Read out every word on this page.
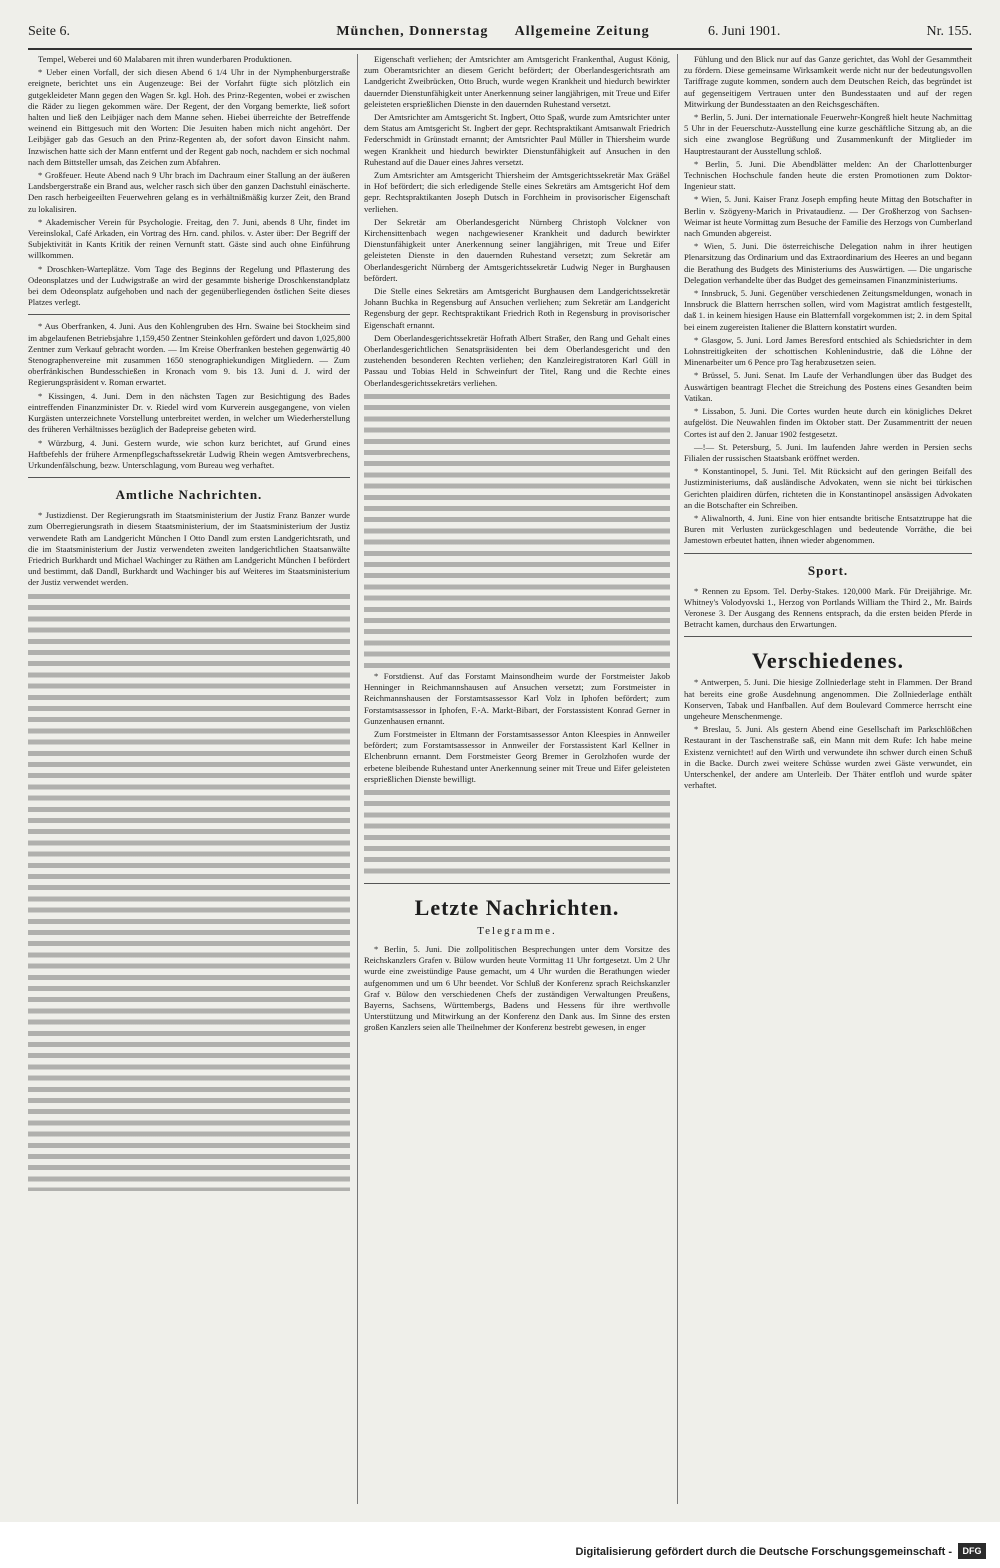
Seite 6.	München, Donnerstag Allgemeine Zeitung	6. Juni 1901.	Nr. 155.

Tempel, Weberei und 60 Malabaren mit ihren wunderbaren Produktionen.

* Ueber einen Vorfall, der sich diesen Abend 6 1/4 Uhr in der Nymphenburgerstraße ereignete, berichtet uns ein Augenzeuge: Bei der Vorfahrt fügte sich plötzlich ein gutgekleideter Mann gegen den Wagen Sr. kgl. Hoh. des Prinz-Regenten, wobei er zwischen die Räder zu liegen gekommen wäre. Der Regent, der den Vorgang bemerkte, ließ sofort halten und ließ den Leibjäger nach dem Manne sehen. Hiebei überreichte der Betreffende weinend ein Bittgesuch mit den Worten: Die Jesuiten haben mich nicht angehört. Der Leibjäger gab das Gesuch an den Prinz-Regenten ab, der sofort davon Einsicht nahm. Inzwischen hatte sich der Mann entfernt und der Regent gab noch, nachdem er sich nochmal nach dem Bittsteller umsah, das Zeichen zum Abfahren.

* Großfeuer. Heute Abend nach 9 Uhr brach im Dachraum einer Stallung an der äußeren Landsbergerstraße ein Brand aus, welcher rasch sich über den ganzen Dachstuhl einäscherte. Den rasch herbeigeeilten Feuerwehren gelang es in verhältnißmäßig kurzer Zeit, den Brand zu lokalisiren.

* Akademischer Verein für Psychologie. Freitag, den 7. Juni, abends 8 Uhr, findet im Vereinslokal, Café Arkaden, ein Vortrag des Hrn. cand. philos. v. Aster über: Der Begriff der Subjektivität in Kants Kritik der reinen Vernunft statt. Gäste sind auch ohne Einführung willkommen.

* Droschken-Warteplätze. Vom Tage des Beginns der Regelung und Pflasterung des Odeonsplatzes und der Ludwigstraße an wird der gesammte bisherige Droschkenstandplatz bei dem Odeonsplatz aufgehoben und nach der gegenüberliegenden östlichen Seite dieses Platzes verlegt.

* Aus Oberfranken, 4. Juni. Aus den Kohlengruben des Hrn. Swaine bei Stockheim sind im abgelaufenen Betriebsjahre 1,159,450 Zentner Steinkohlen gefördert und davon 1,025,800 Zentner zum Verkauf gebracht worden. — Im Kreise Oberfranken bestehen gegenwärtig 40 Stenographenvereine mit zusammen 1650 stenographiekundigen Mitgliedern. — Zum oberfränkischen Bundesschießen in Kronach vom 9. bis 13. Juni d. J. wird der Regierungspräsident v. Roman erwartet.

* Kissingen, 4. Juni. Dem in den nächsten Tagen zur Besichtigung des Bades eintreffenden Finanzminister Dr. v. Riedel wird vom Kurverein ausgegangene, von vielen Kurgästen unterzeichnete Vorstellung unterbreitet werden, in welcher um Wiederherstellung des früheren Verhältnisses bezüglich der Badepreise gebeten wird.

* Würzburg, 4. Juni. Gestern wurde, wie schon kurz berichtet, auf Grund eines Haftbefehls der frühere Armenpflegschaftssekretär Ludwig Rhein wegen Amtsverbrechens, Urkundenfälschung, bezw. Unterschlagung, vom Bureau weg verhaftet.

Amtliche Nachrichten.

* Justizdienst. Der Regierungsrath im Staatsministerium der Justiz Franz Banzer wurde zum Oberregierungsrath in diesem Staatsministerium, der im Staatsministerium der Justiz verwendete Rath am Landgericht München I Otto Dandl zum ersten Landgerichtsrath, und die im Staatsministerium der Justiz verwendeten zweiten landgerichtlichen Staatsanwälte Friedrich Burkhardt und Michael Wachinger zu Räthen am Landgericht München I befördert und bestimmt, daß Dandl, Burkhardt und Wachinger bis auf Weiteres im Staatsministerium der Justiz verwendet werden.

Eigenschaft verliehen; der Amtsrichter am Amtsgericht Frankenthal, August König, zum Oberamtsrichter an diesem Gericht befördert; der Oberlandesgerichtsrath am Landgericht Zweibrücken, Otto Bruch, wurde wegen Krankheit und hiedurch bewirkter dauernder Dienstunfähigkeit unter Anerkennung seiner langjährigen, mit Treue und Eifer geleisteten ersprießlichen Dienste in den dauernden Ruhestand versetzt.

Der Amtsrichter am Amtsgericht St. Ingbert, Otto Spaß, wurde zum Amtsrichter unter dem Status am Amtsgericht St. Ingbert der gepr. Rechtspraktikant Amtsanwalt Friedrich Federschmidt in Grünstadt ernannt; der Amtsrichter Paul Müller in Thiersheim wurde wegen Krankheit und hiedurch bewirkter Dienstunfähigkeit auf Ansuchen in den Ruhestand auf die Dauer eines Jahres versetzt.

Zum Amtsrichter am Amtsgericht Thiersheim der Amtsgerichtssekretär Max Gräßel in Hof befördert; die sich erledigende Stelle eines Sekretärs am Amtsgericht Hof dem gepr. Rechtspraktikanten Joseph Dutsch in Forchheim in provisorischer Eigenschaft verliehen.

Der Sekretär am Oberlandesgericht Nürnberg Christoph Volckner von Kirchensittenbach wegen nachgewiesener Krankheit und dadurch bewirkter Dienstunfähigkeit unter Anerkennung seiner langjährigen, mit Treue und Eifer geleisteten Dienste in den dauernden Ruhestand versetzt; zum Sekretär am Oberlandesgericht Nürnberg der Amtsgerichtssekretär Ludwig Neger in Burghausen befördert.

Die Stelle eines Sekretärs am Amtsgericht Burghausen dem Landgerichtssekretär Johann Buchka in Regensburg auf Ansuchen verliehen; zum Sekretär am Landgericht Regensburg der gepr. Rechtspraktikant Friedrich Roth in Regensburg in provisorischer Eigenschaft ernannt.

Dem Oberlandesgerichtssekretär Hofrath Albert Straßer, den Rang und Gehalt eines Oberlandesgerichtlichen Senatspräsidenten bei dem Oberlandesgericht und den zustehenden besonderen Rechten verliehen; den Kanzleiregistratoren Karl Güll in Passau und Tobias Held in Schweinfurt der Titel, Rang und die Rechte eines Oberlandesgerichtssekretärs verliehen.

* Forstdienst. Auf das Forstamt Mainsondheim wurde der Forstmeister Jakob Henninger in Reichmannshausen auf Ansuchen versetzt; zum Forstmeister in Reichmannshausen der Forstamtsassessor Karl Volz in Iphofen befördert; zum Forstamtsassessor in Iphofen, F.-A. Markt-Bibart, der Forstassistent Konrad Gerner in Gunzenhausen ernannt.

Zum Forstmeister in Eltmann der Forstamtsassessor Anton Kleespies in Annweiler befördert; zum Forstamtsassessor in Annweiler der Forstassistent Karl Kellner in Elchenbrunn ernannt. Dem Forstmeister Georg Bremer in Gerolzhofen wurde der erbetene bleibende Ruhestand unter Anerkennung seiner mit Treue und Eifer geleisteten ersprießlichen Dienste bewilligt.

Letzte Nachrichten.
Telegramme.

* Berlin, 5. Juni. Die zollpolitischen Besprechungen unter dem Vorsitze des Reichskanzlers Grafen v. Bülow wurden heute Vormittag 11 Uhr fortgesetzt. Um 2 Uhr wurde eine zweistündige Pause gemacht, um 4 Uhr wurden die Berathungen wieder aufgenommen und um 6 Uhr beendet. Vor Schluß der Konferenz sprach Reichskanzler Graf v. Bülow den verschiedenen Chefs der zuständigen Verwaltungen Preußens, Bayerns, Sachsens, Württembergs, Badens und Hessens für ihre werthvolle Unterstützung und Mitwirkung an der Konferenz den Dank aus. Im Sinne des ersten großen Kanzlers seien alle Theilnehmer der Konferenz bestrebt gewesen, in enger

Fühlung und den Blick nur auf das Ganze gerichtet, das Wohl der Gesammtheit zu fördern. Diese gemeinsame Wirksamkeit werde nicht nur der bedeutungsvollen Tariffrage zugute kommen, sondern auch dem Deutschen Reich, das begründet ist auf gegenseitigem Vertrauen unter den Bundesstaaten und auf der regen Mitwirkung der Bundesstaaten an den Reichsgeschäften.

* Berlin, 5. Juni. Der internationale Feuerwehr-Kongreß hielt heute Nachmittag 5 Uhr in der Feuerschutz-Ausstellung eine kurze geschäftliche Sitzung ab, an die sich eine zwanglose Begrüßung und Zusammenkunft der Mitglieder im Hauptrestaurant der Ausstellung schloß.

* Berlin, 5. Juni. Die Abendblätter melden: An der Charlottenburger Technischen Hochschule fanden heute die ersten Promotionen zum Doktor-Ingenieur statt.

* Wien, 5. Juni. Kaiser Franz Joseph empfing heute Mittag den Botschafter in Berlin v. Szögyeny-Marich in Privataudienz. — Der Großherzog von Sachsen-Weimar ist heute Vormittag zum Besuche der Familie des Herzogs von Cumberland nach Gmunden abgereist.

* Wien, 5. Juni. Die österreichische Delegation nahm in ihrer heutigen Plenarsitzung das Ordinarium und das Extraordinarium des Heeres an und begann die Berathung des Budgets des Ministeriums des Auswärtigen. — Die ungarische Delegation verhandelte über das Budget des gemeinsamen Finanzministeriums.

* Innsbruck, 5. Juni. Gegenüber verschiedenen Zeitungsmeldungen, wonach in Innsbruck die Blattern herrschen sollen, wird vom Magistrat amtlich festgestellt, daß 1. in keinem hiesigen Hause ein Blatternfall vorgekommen ist; 2. in dem Spital bei einem zugereisten Italiener die Blattern konstatirt wurden.

* Glasgow, 5. Juni. Lord James Beresford entschied als Schiedsrichter in dem Lohnstreitigkeiten der schottischen Kohlenindustrie, daß die Löhne der Minenarbeiter um 6 Pence pro Tag herabzusetzen seien.

* Brüssel, 5. Juni. Senat. Im Laufe der Verhandlungen über das Budget des Auswärtigen beantragt Flechet die Streichung des Postens eines Gesandten beim Vatikan.

* Lissabon, 5. Juni. Die Cortes wurden heute durch ein königliches Dekret aufgelöst. Die Neuwahlen finden im Oktober statt. Der Zusammentritt der neuen Cortes ist auf den 2. Januar 1902 festgesetzt.

—!— St. Petersburg, 5. Juni. Im laufenden Jahre werden in Persien sechs Filialen der russischen Staatsbank eröffnet werden.

* Konstantinopel, 5. Juni. Tel. Mit Rücksicht auf den geringen Beifall des Justizministeriums, daß ausländische Advokaten, wenn sie nicht bei türkischen Gerichten plaidiren dürfen, richteten die in Konstantinopel ansässigen Advokaten an die Botschafter ein Schreiben.

* Aliwalnorth, 4. Juni. Eine von hier entsandte britische Entsatztruppe hat die Buren mit Verlusten zurückgeschlagen und bedeutende Vorräthe, die bei Jamestown erbeutet hatten, ihnen wieder abgenommen.

Sport.

* Rennen zu Epsom. Tel. Derby-Stakes. 120,000 Mark. Für Dreijährige. Mr. Whitney's Volodyovski 1., Herzog von Portlands William the Third 2., Mr. Bairds Veronese 3. Der Ausgang des Rennens entsprach, da die ersten beiden Pferde in Betracht kamen, durchaus den Erwartungen.

Verschiedenes.

* Antwerpen, 5. Juni. Die hiesige Zollniederlage steht in Flammen. Der Brand hat bereits eine große Ausdehnung angenommen. Die Zollniederlage enthält Konserven, Tabak und Hanfballen. Auf dem Boulevard Commerce herrscht eine ungeheure Menschenmenge.

* Breslau, 5. Juni. Als gestern Abend eine Gesellschaft im Parkschlößchen Restaurant in der Taschenstraße saß, ein Mann mit dem Rufe: Ich habe meine Existenz vernichtet! auf den Wirth und verwundete ihn schwer durch einen Schuß in die Backe. Durch zwei weitere Schüsse wurden zwei Gäste verwundet, ein Unterschenkel, der andere am Unterleib. Der Thäter entfloh und wurde später verhaftet.

Digitalisierung gefördert durch die Deutsche Forschungsgemeinschaft -	DFG
